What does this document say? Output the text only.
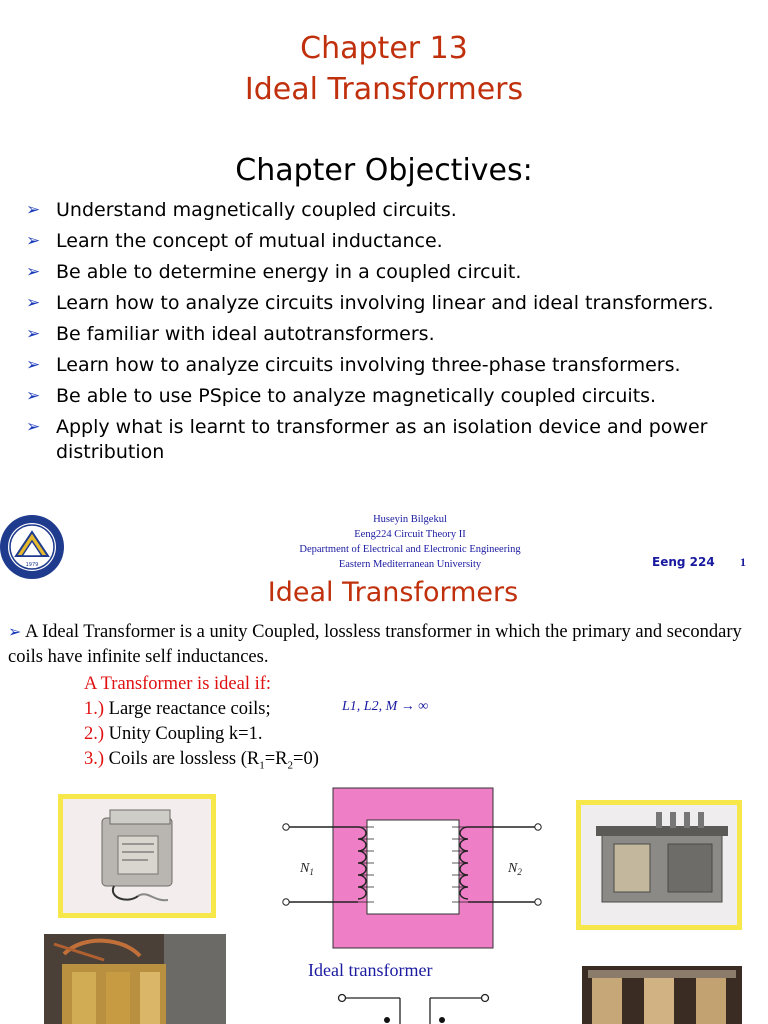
Chapter 13
Ideal Transformers
Chapter Objectives:
➢ Understand magnetically coupled circuits.
➢ Learn the concept of mutual inductance.
➢ Be able to determine energy in a coupled circuit.
➢ Learn how to analyze circuits involving linear and ideal transformers.
➢ Be familiar with ideal autotransformers.
➢ Learn how to analyze circuits involving three-phase transformers.
➢ Be able to use PSpice to analyze magnetically coupled circuits.
➢ Apply what is learnt to transformer as an isolation device and power distribution
1979
Huseyin Bilgekul
Eeng224 Circuit Theory II
Department of Electrical and Electronic Engineering
Eastern Mediterranean University	Eeng 224 1
Ideal Transformers
➢ A Ideal Transformer is a unity Coupled, lossless transformer in which the primary and secondary coils have infinite self inductances.
A Transformer is ideal if:
1.) Large reactance coils;
2.) Unity Coupling k=1.
3.) Coils are lossless $(R_1=R_2=0)$
L1, L2, M → ∞
$N_1$	$N_2$
Ideal transformer
